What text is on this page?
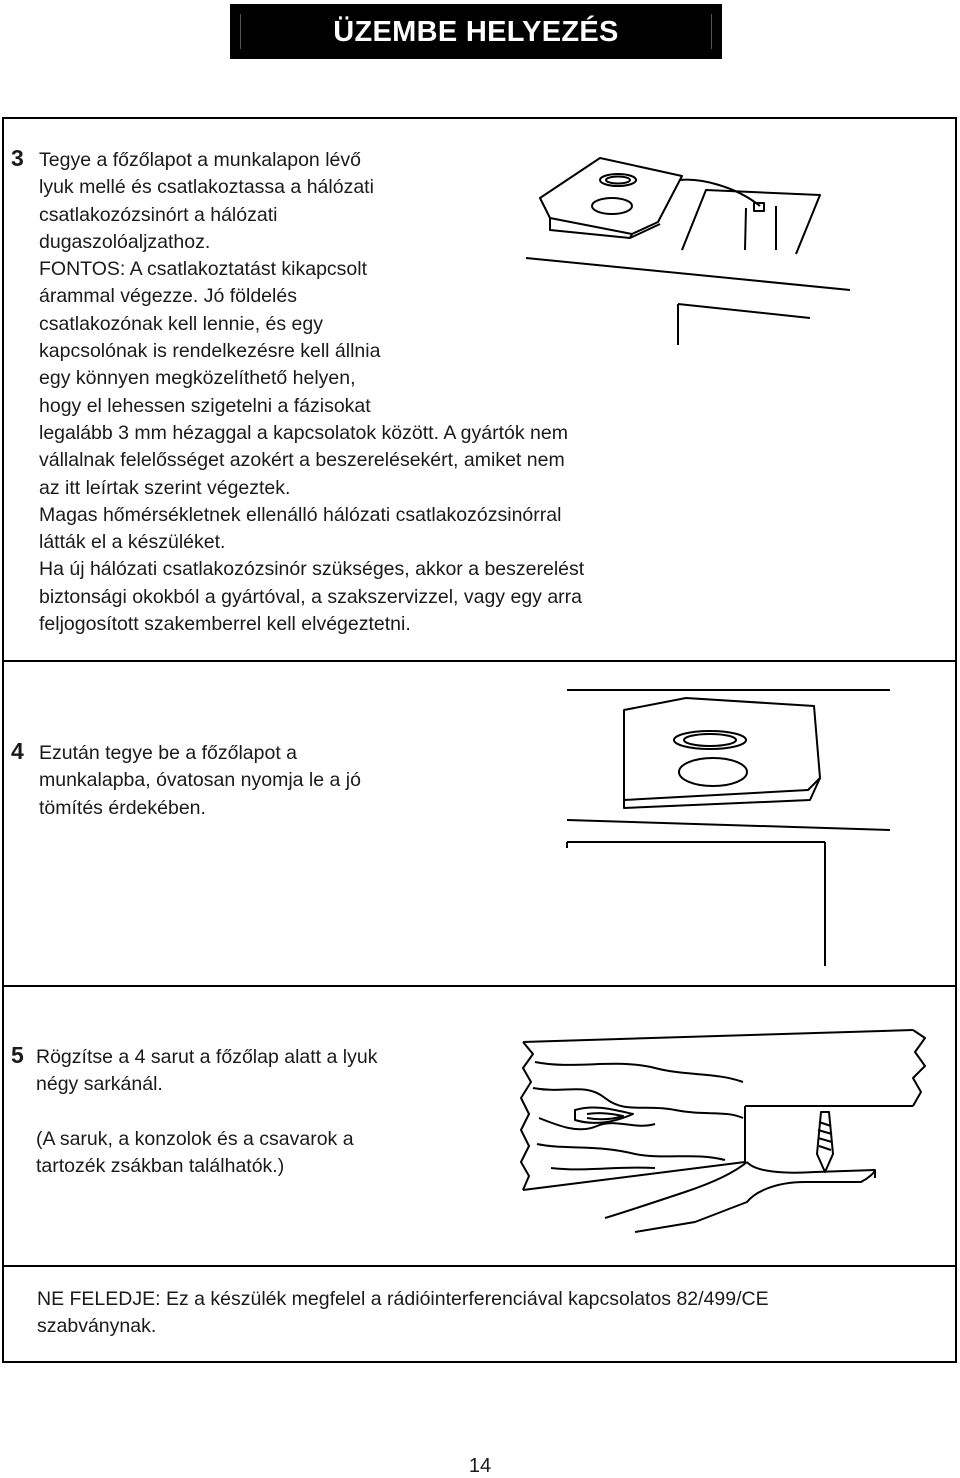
ÜZEMBE HELYEZÉS
3 Tegye a főzőlapot a munkalapon lévő
lyuk mellé és csatlakoztassa a hálózati
csatlakozózsinórt a hálózati
dugaszolóaljzathoz.
FONTOS: A csatlakoztatást kikapcsolt
árammal végezze. Jó földelés
csatlakozónak kell lennie, és egy
kapcsolónak is rendelkezésre kell állnia
egy könnyen megközelíthető helyen,
hogy el lehessen szigetelni a fázisokat
legalább 3 mm hézaggal a kapcsolatok között. A gyártók nem
vállalnak felelősséget azokért a beszerelésekért, amiket nem
az itt leírtak szerint végeztek.
Magas hőmérsékletnek ellenálló hálózati csatlakozózsinórral
látták el a készüléket.
Ha új hálózati csatlakozózsinór szükséges, akkor a beszerelést
biztonsági okokból a gyártóval, a szakszervizzel, vagy egy arra
feljogosított szakemberrel kell elvégeztetni.
4 Ezután tegye be a főzőlapot a
munkalapba, óvatosan nyomja le a jó
tömítés érdekében.
5 Rögzítse a 4 sarut a főzőlap alatt a lyuk
négy sarkánál.
(A saruk, a konzolok és a csavarok a
tartozék zsákban találhatók.)
NE FELEDJE: Ez a készülék megfelel a rádióinterferenciával kapcsolatos 82/499/CE
szabványnak.
14
